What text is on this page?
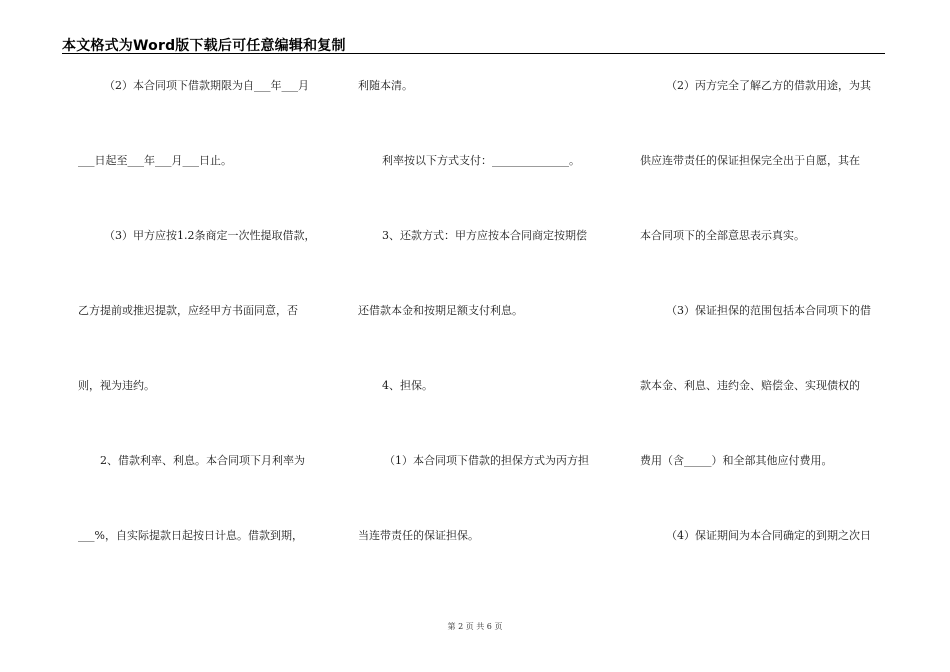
本文格式为Word版下载后可任意编辑和复制
（2）本合同项下借款期限为自___年___月
___日起至___年___月___日止。
（3）甲方应按1.2条商定一次性提取借款，
乙方提前或推迟提款，应经甲方书面同意，否
则，视为违约。
2、借款利率、利息。本合同项下月利率为
___%，自实际提款日起按日计息。借款到期，
利随本清。
利率按以下方式支付：______________。
3、还款方式：甲方应按本合同商定按期偿
还借款本金和按期足额支付利息。
4、担保。
（1）本合同项下借款的担保方式为丙方担
当连带责任的保证担保。
（2）丙方完全了解乙方的借款用途，为其
供应连带责任的保证担保完全出于自愿，其在
本合同项下的全部意思表示真实。
（3）保证担保的范围包括本合同项下的借
款本金、利息、违约金、赔偿金、实现债权的
费用（含_____）和全部其他应付费用。
（4）保证期间为本合同确定的到期之次日
第 2 页 共 6 页
